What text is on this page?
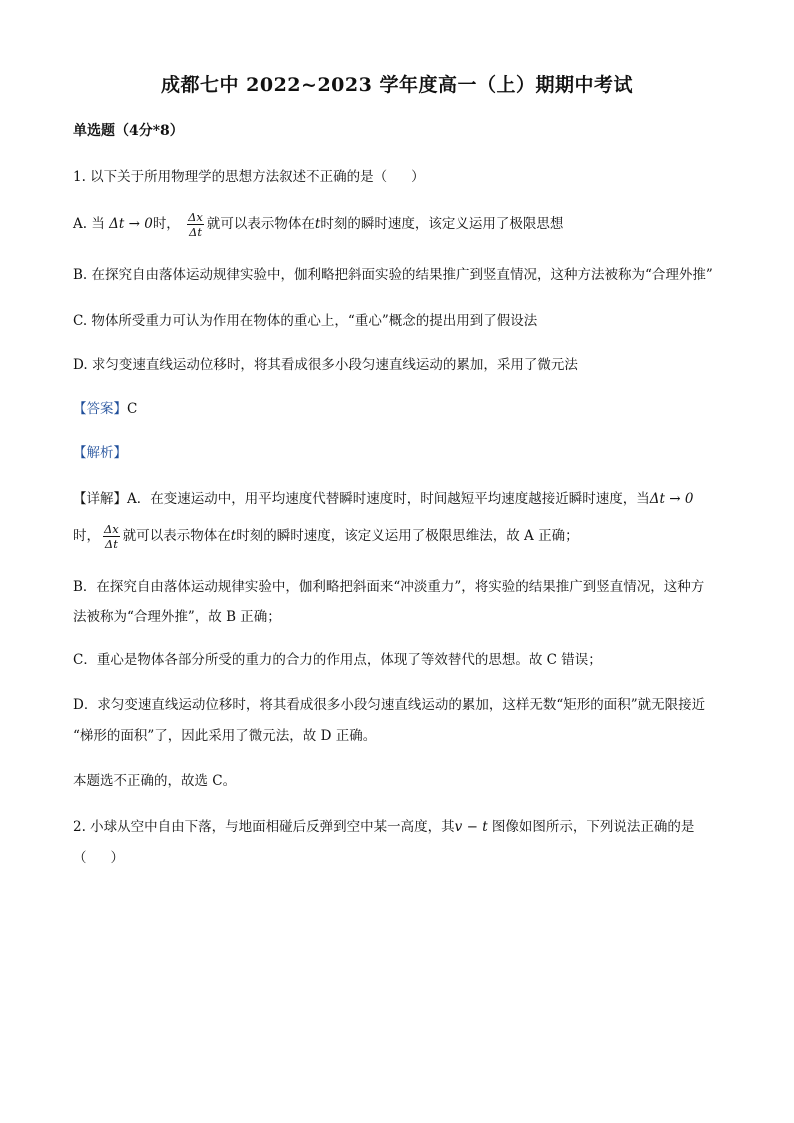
成都七中 2022~2023 学年度高一（上）期期中考试
单选题（4分*8）
1. 以下关于所用物理学的思想方法叙述不正确的是（ ）
A. 当 Δt → 0时， $\frac{\Delta x}{\Delta t}$ 就可以表示物体在t时刻的瞬时速度，该定义运用了极限思想
B. 在探究自由落体运动规律实验中，伽利略把斜面实验的结果推广到竖直情况，这种方法被称为“合理外推”
C. 物体所受重力可认为作用在物体的重心上，“重心”概念的提出用到了假设法
D. 求匀变速直线运动位移时，将其看成很多小段匀速直线运动的累加，采用了微元法
【答案】C
【解析】
【详解】A．在变速运动中，用平均速度代替瞬时速度时，时间越短平均速度越接近瞬时速度，当Δt → 0
时， $\frac{\Delta x}{\Delta t}$ 就可以表示物体在t时刻的瞬时速度，该定义运用了极限思维法，故 A 正确；
B．在探究自由落体运动规律实验中，伽利略把斜面来“冲淡重力”，将实验的结果推广到竖直情况，这种方
法被称为“合理外推”，故 B 正确；
C．重心是物体各部分所受的重力的合力的作用点，体现了等效替代的思想。故 C 错误；
D．求匀变速直线运动位移时，将其看成很多小段匀速直线运动的累加，这样无数“矩形的面积”就无限接近
“梯形的面积”了，因此采用了微元法，故 D 正确。
本题选不正确的，故选 C。
2. 小球从空中自由下落，与地面相碰后反弹到空中某一高度，其v − t 图像如图所示，下列说法正确的是
（ ）
